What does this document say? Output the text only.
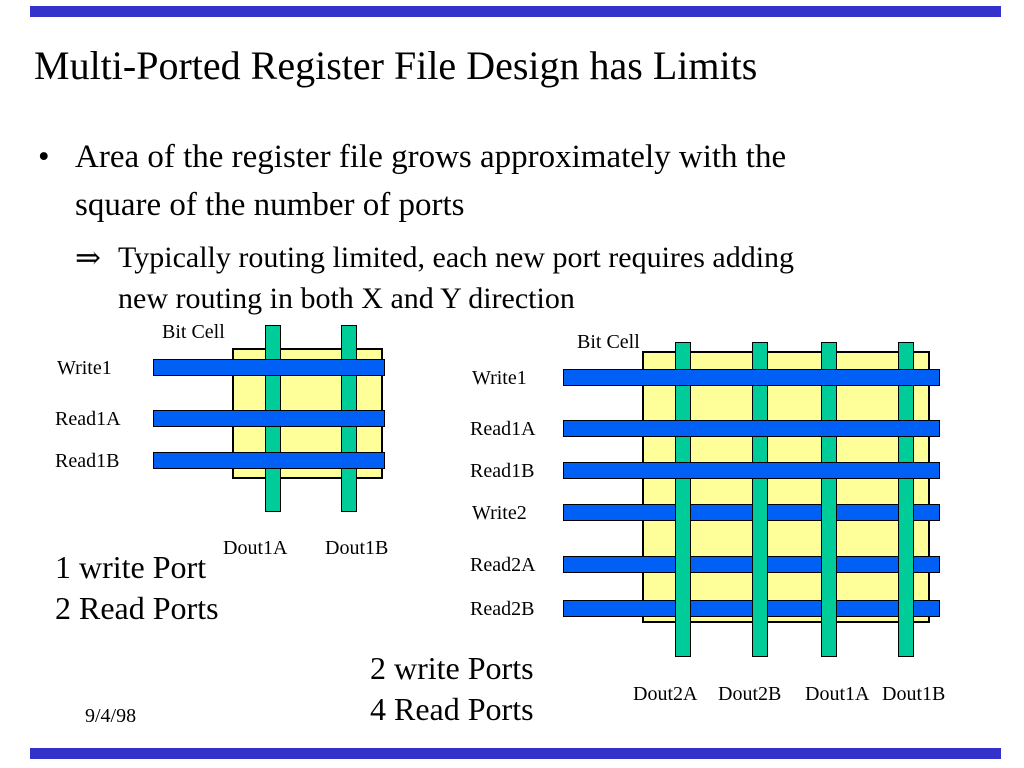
Multi-Ported Register File Design has Limits
• Area of the register file grows approximately with the
square of the number of ports
⇒ Typically routing limited, each new port requires adding
new routing in both X and Y direction
Bit Cell
Write1
Read1A
Read1B
Dout1A Dout1B
1 write Port
2 Read Ports
Bit Cell
Write1
Read1A
Read1B
Write2
Read2A
Read2B
Dout2A Dout2B Dout1A Dout1B
2 write Ports
4 Read Ports
9/4/98
